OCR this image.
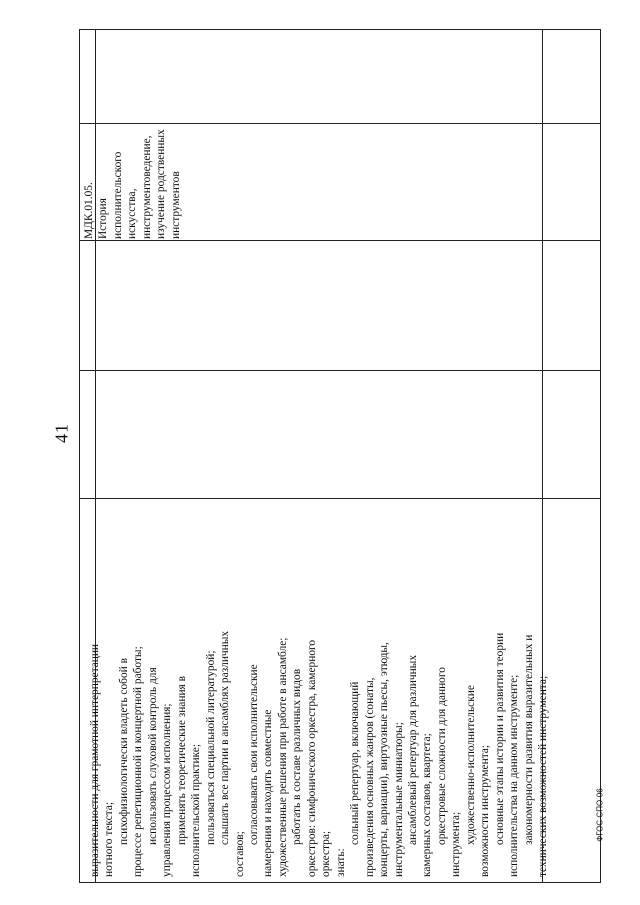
41
выразительности для грамотной интерпретации нотного текста; психофизиологически владеть собой в процессе репетиционной и концертной работы; использовать слуховой контроль для управления процессом исполнения; применять теоретические знания в исполнительской практике; пользоваться специальной литературой; слышать все партии в ансамблях различных
составов;
согласовывать свои исполнительские намерения и находить совместные художественные решения при работе в ансамбле; работать в составе различных видов оркестров: симфонического оркестра, камерного оркестра; знать:
сольный репертуар, включающий произведения основных жанров (сонаты, концерты, вариации), виртуозные пьесы, этюды, инструментальные миниатюры; ансамблевый репертуар для различных камерных составов, квартета; оркестровые сложности для данного инструмента; художественно-исполнительские возможности инструмента; основные этапы истории и развития теории исполнительства на данном инструменте; закономерности развития выразительных и технических возможностей инструмента;
МДК.01.05. История исполнительского искусства, инструментоведение, изучение родственных инструментов
ФГОС СПО-06
